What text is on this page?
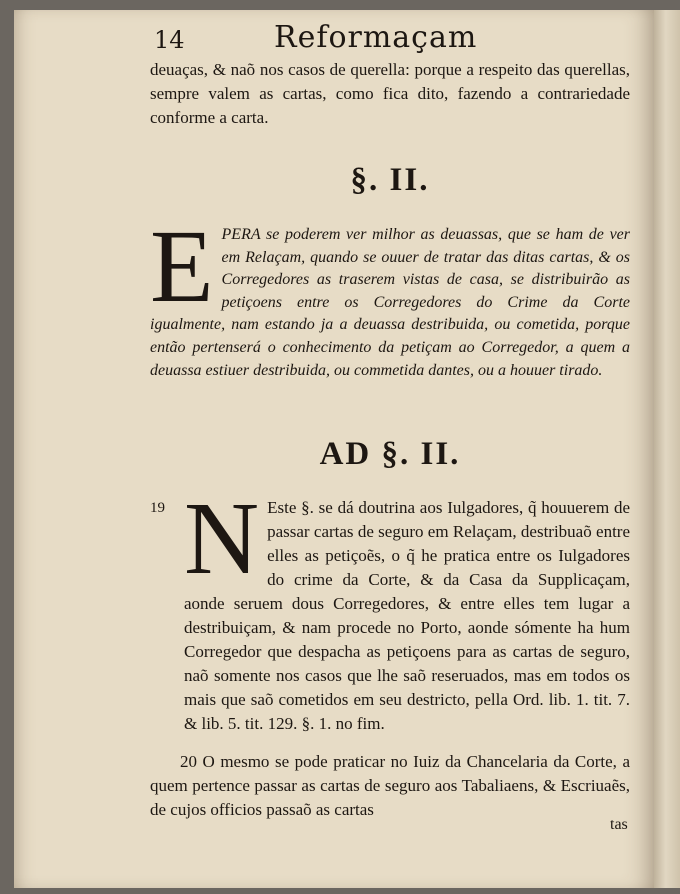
14	Reformaçam

deuaças, & naõ nos casos de querella: porque a respeito das querellas, sempre valem as cartas, como fica dito, fazendo a contrariedade conforme a carta.

§. II.

EPERA se poderem ver milhor as deuassas, que se ham de ver em Relaçam, quando se ouuer de tratar das ditas cartas, & os Corregedores as traserem vistas de casa, se distribuirão as petiçoens entre os Corregedores do Crime da Corte igualmente, nam estando ja a deuassa destribuida, ou cometida, porque então pertenserá o conhecimento da petiçam ao Corregedor, a quem a deuassa estiuer destribuida, ou commetida dantes, ou a houuer tirado.

AD §. II.
19 N Este §. se dá doutrina aos Iulgadores, q̃ houuerem de passar cartas de seguro em Relaçam, destribuaõ entre elles as petiçoẽs, o q̃ he pratica entre os Iulgadores do crime da Corte, & da Casa da Supplicaçam, aonde seruem dous Corregedores, & entre elles tem lugar a destribuiçam, & nam procede no Porto, aonde sómente ha hum Corregedor que despacha as petiçoens para as cartas de seguro, naõ somente nos casos que lhe saõ reseruados, mas em todos os mais que saõ cometidos em seu destricto, pella Ord. lib. 1. tit. 7. & lib. 5. tit. 129. §. 1. no fim.

20 O mesmo se pode praticar no Iuiz da Chancelaria da Corte, a quem pertence passar as cartas de seguro aos Tabaliaens, & Escriuaẽs, de cujos officios passaõ as cartas

tas
